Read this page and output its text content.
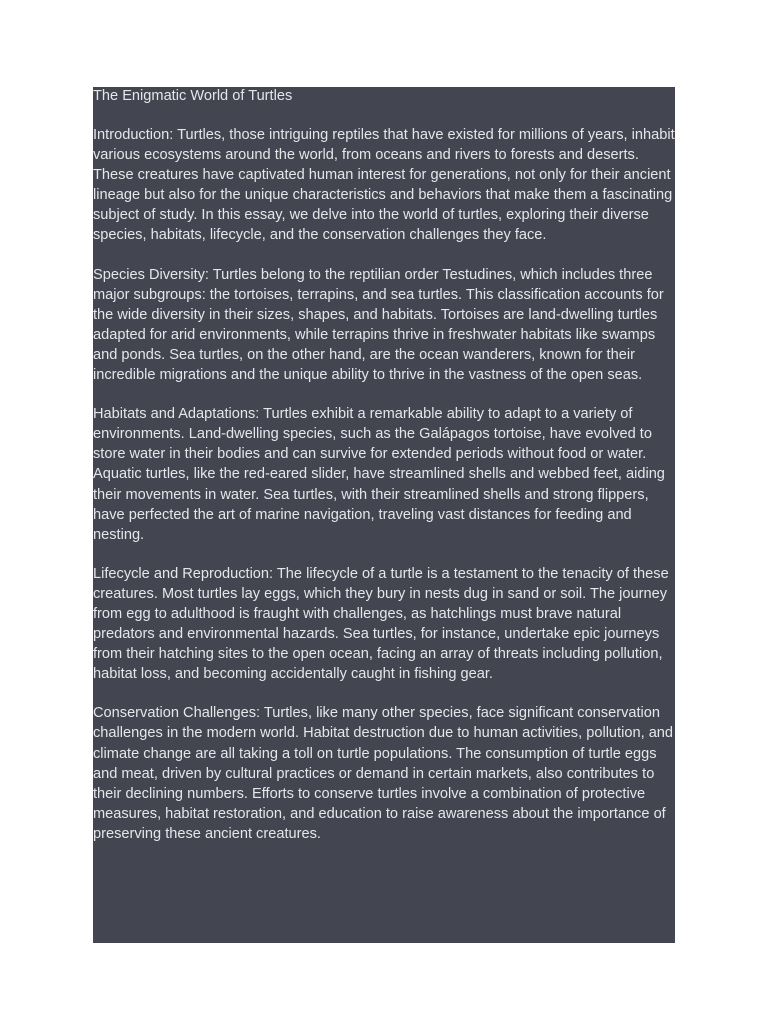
The Enigmatic World of Turtles

Introduction: Turtles, those intriguing reptiles that have existed for millions of years, inhabit various ecosystems around the world, from oceans and rivers to forests and deserts. These creatures have captivated human interest for generations, not only for their ancient lineage but also for the unique characteristics and behaviors that make them a fascinating subject of study. In this essay, we delve into the world of turtles, exploring their diverse species, habitats, lifecycle, and the conservation challenges they face.

Species Diversity: Turtles belong to the reptilian order Testudines, which includes three major subgroups: the tortoises, terrapins, and sea turtles. This classification accounts for the wide diversity in their sizes, shapes, and habitats. Tortoises are land-dwelling turtles adapted for arid environments, while terrapins thrive in freshwater habitats like swamps and ponds. Sea turtles, on the other hand, are the ocean wanderers, known for their incredible migrations and the unique ability to thrive in the vastness of the open seas.

Habitats and Adaptations: Turtles exhibit a remarkable ability to adapt to a variety of environments. Land-dwelling species, such as the Galápagos tortoise, have evolved to store water in their bodies and can survive for extended periods without food or water. Aquatic turtles, like the red-eared slider, have streamlined shells and webbed feet, aiding their movements in water. Sea turtles, with their streamlined shells and strong flippers, have perfected the art of marine navigation, traveling vast distances for feeding and nesting.

Lifecycle and Reproduction: The lifecycle of a turtle is a testament to the tenacity of these creatures. Most turtles lay eggs, which they bury in nests dug in sand or soil. The journey from egg to adulthood is fraught with challenges, as hatchlings must brave natural predators and environmental hazards. Sea turtles, for instance, undertake epic journeys from their hatching sites to the open ocean, facing an array of threats including pollution, habitat loss, and becoming accidentally caught in fishing gear.

Conservation Challenges: Turtles, like many other species, face significant conservation challenges in the modern world. Habitat destruction due to human activities, pollution, and climate change are all taking a toll on turtle populations. The consumption of turtle eggs and meat, driven by cultural practices or demand in certain markets, also contributes to their declining numbers. Efforts to conserve turtles involve a combination of protective measures, habitat restoration, and education to raise awareness about the importance of preserving these ancient creatures.
